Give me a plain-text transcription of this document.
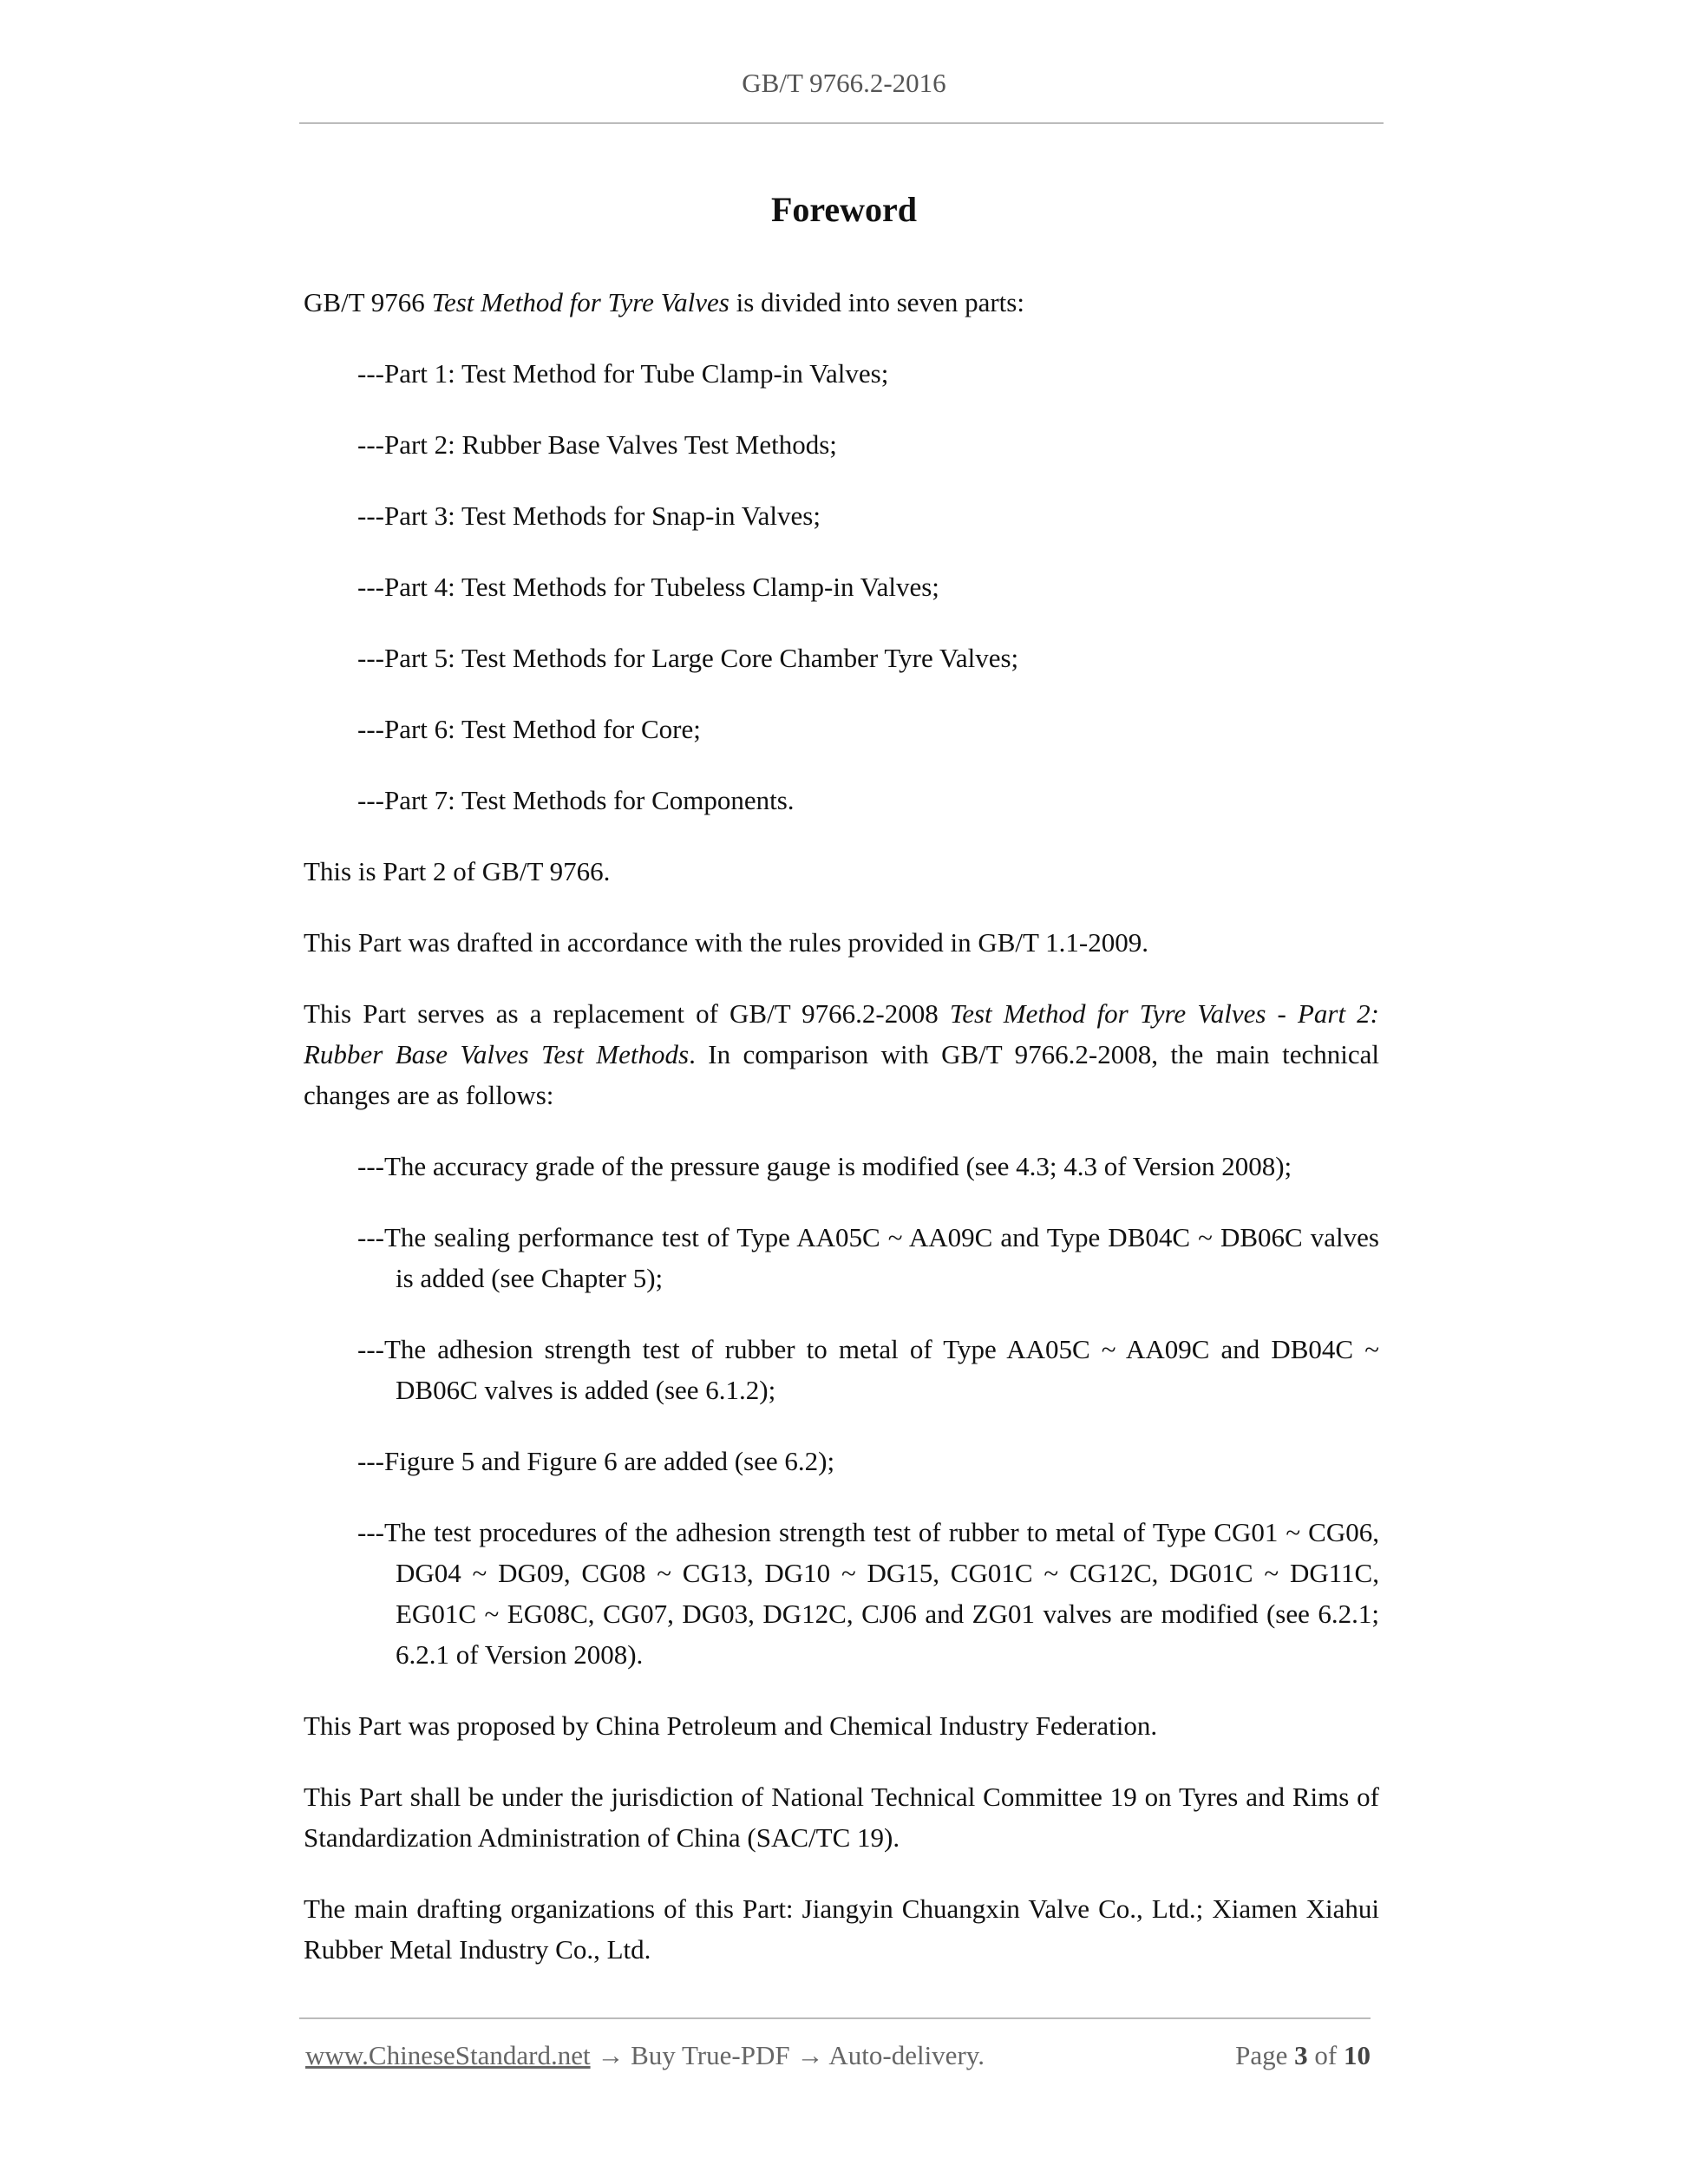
GB/T 9766.2-2016
Foreword

GB/T 9766 Test Method for Tyre Valves is divided into seven parts:

---Part 1: Test Method for Tube Clamp-in Valves;

---Part 2: Rubber Base Valves Test Methods;

---Part 3: Test Methods for Snap-in Valves;

---Part 4: Test Methods for Tubeless Clamp-in Valves;

---Part 5: Test Methods for Large Core Chamber Tyre Valves;

---Part 6: Test Method for Core;

---Part 7: Test Methods for Components.

This is Part 2 of GB/T 9766.

This Part was drafted in accordance with the rules provided in GB/T 1.1-2009.

This Part serves as a replacement of GB/T 9766.2-2008 Test Method for Tyre Valves - Part 2: Rubber Base Valves Test Methods. In comparison with GB/T 9766.2-2008, the main technical changes are as follows:

---The accuracy grade of the pressure gauge is modified (see 4.3; 4.3 of Version 2008);

---The sealing performance test of Type AA05C ~ AA09C and Type DB04C ~ DB06C valves is added (see Chapter 5);

---The adhesion strength test of rubber to metal of Type AA05C ~ AA09C and DB04C ~ DB06C valves is added (see 6.1.2);

---Figure 5 and Figure 6 are added (see 6.2);

---The test procedures of the adhesion strength test of rubber to metal of Type CG01 ~ CG06, DG04 ~ DG09, CG08 ~ CG13, DG10 ~ DG15, CG01C ~ CG12C, DG01C ~ DG11C, EG01C ~ EG08C, CG07, DG03, DG12C, CJ06 and ZG01 valves are modified (see 6.2.1; 6.2.1 of Version 2008).

This Part was proposed by China Petroleum and Chemical Industry Federation.

This Part shall be under the jurisdiction of National Technical Committee 19 on Tyres and Rims of Standardization Administration of China (SAC/TC 19).

The main drafting organizations of this Part: Jiangyin Chuangxin Valve Co., Ltd.; Xiamen Xiahui Rubber Metal Industry Co., Ltd.

www.ChineseStandard.net → Buy True-PDF → Auto-delivery.	Page 3 of 10
